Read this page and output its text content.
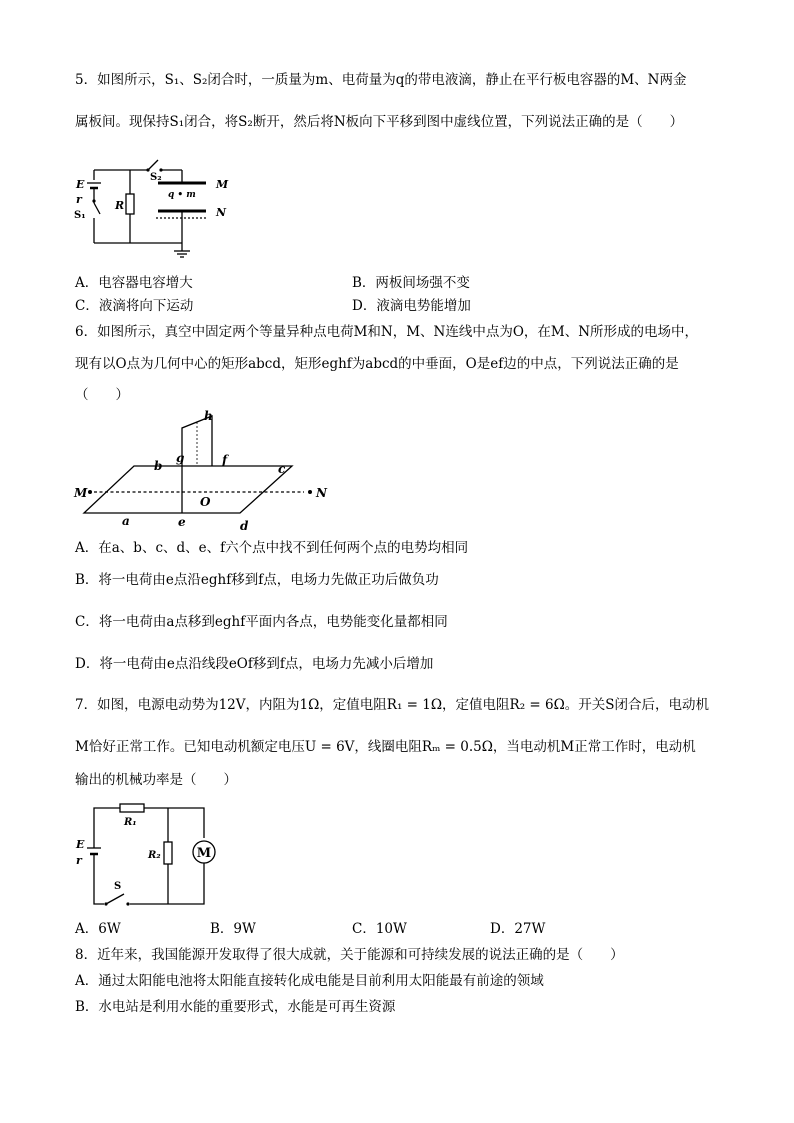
5．如图所示，S₁、S₂闭合时，一质量为m、电荷量为q的带电液滴，静止在平行板电容器的M、N两金
属板间。现保持S₁闭合，将S₂断开，然后将N板向下平移到图中虚线位置，下列说法正确的是（　　）
E
r	R
M
N
S₁
S₂
q • m
A．电容器电容增大	B．两板间场强不变
C．液滴将向下运动	D．液滴电势能增加
6．如图所示，真空中固定两个等量异种点电荷M和N，M、N连线中点为O，在M、N所形成的电场中，
现有以O点为几何中心的矩形abcd，矩形eghf为abcd的中垂面，O是ef边的中点，下列说法正确的是
（　　）
h
g	f
b	c
M	N
O
a	e	d
A．在a、b、c、d、e、f六个点中找不到任何两个点的电势均相同
B．将一电荷由e点沿eghf移到f点，电场力先做正功后做负功
C．将一电荷由a点移到eghf平面内各点，电势能变化量都相同
D．将一电荷由e点沿线段eOf移到f点，电场力先减小后增加
7．如图，电源电动势为12V，内阻为1Ω，定值电阻R₁ = 1Ω，定值电阻R₂ = 6Ω。开关S闭合后，电动机
M恰好正常工作。已知电动机额定电压U = 6V，线圈电阻Rₘ = 0.5Ω，当电动机M正常工作时，电动机
输出的机械功率是（　　）
M
E
r
R₁
R₂
S
A．6W	B．9W	C．10W	D．27W
8．近年来，我国能源开发取得了很大成就，关于能源和可持续发展的说法正确的是（　　）
A．通过太阳能电池将太阳能直接转化成电能是目前利用太阳能最有前途的领域
B．水电站是利用水能的重要形式，水能是可再生资源
